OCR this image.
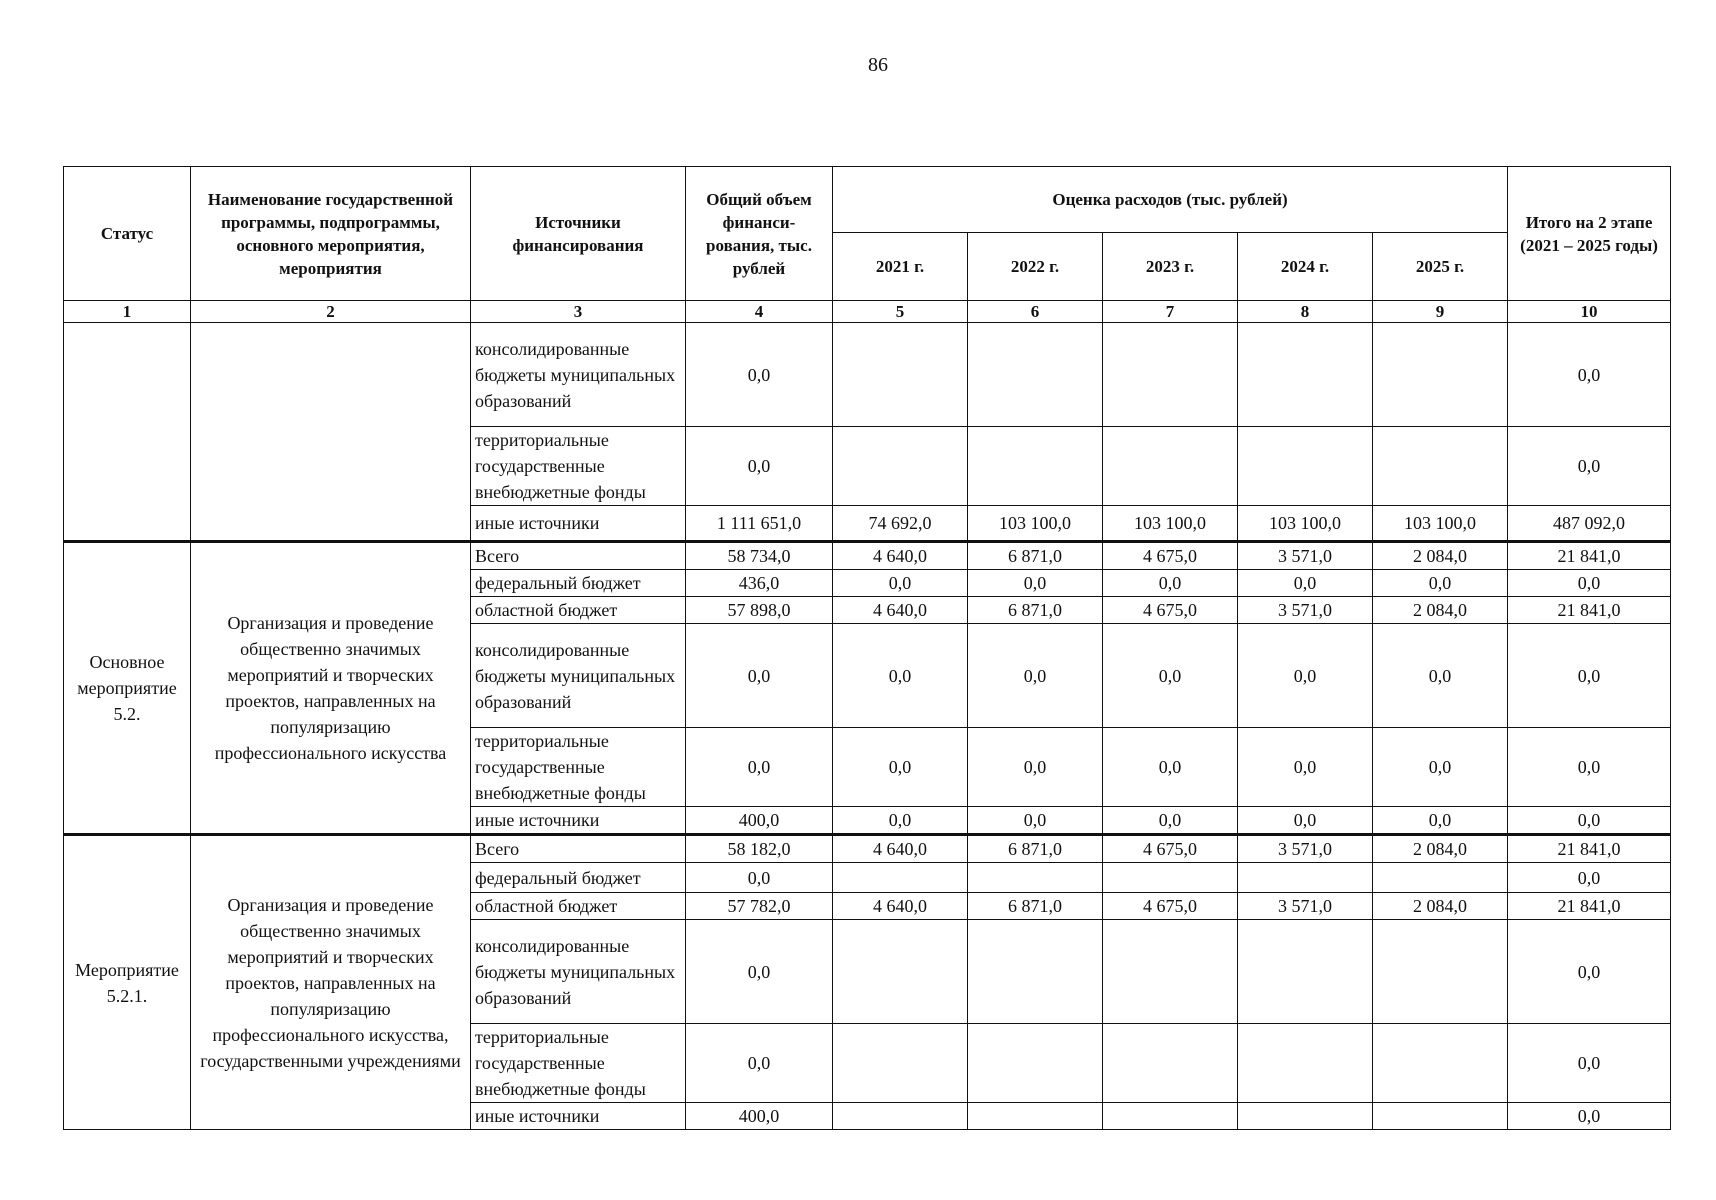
86
Статус	Наименование государственной программы, подпрограммы, основного мероприятия, мероприятия	Источники финансирования	Общий объем финанси-рования, тыс. рублей	Оценка расходов (тыс. рублей)					Итого на 2 этапе (2021 – 2025 годы)
				2021 г.	2022 г.	2023 г.	2024 г.	2025 г.	
1	2	3	4	5	6	7	8	9	10
		консолидированные бюджеты муниципальных образований	0,0						0,0
		территориальные государственные внебюджетные фонды	0,0						0,0
		иные источники	1 111 651,0	74 692,0	103 100,0	103 100,0	103 100,0	103 100,0	487 092,0
Основное мероприятие 5.2.	Организация и проведение общественно значимых мероприятий и творческих проектов, направленных на популяризацию профессионального искусства	Всего	58 734,0	4 640,0	6 871,0	4 675,0	3 571,0	2 084,0	21 841,0
		федеральный бюджет	436,0	0,0	0,0	0,0	0,0	0,0	0,0
		областной бюджет	57 898,0	4 640,0	6 871,0	4 675,0	3 571,0	2 084,0	21 841,0
		консолидированные бюджеты муниципальных образований	0,0	0,0	0,0	0,0	0,0	0,0	0,0
		территориальные государственные внебюджетные фонды	0,0	0,0	0,0	0,0	0,0	0,0	0,0
		иные источники	400,0	0,0	0,0	0,0	0,0	0,0	0,0
Мероприятие 5.2.1.	Организация и проведение общественно значимых мероприятий и творческих проектов, направленных на популяризацию профессионального искусства, государственными учреждениями	Всего	58 182,0	4 640,0	6 871,0	4 675,0	3 571,0	2 084,0	21 841,0
		федеральный бюджет	0,0						0,0
		областной бюджет	57 782,0	4 640,0	6 871,0	4 675,0	3 571,0	2 084,0	21 841,0
		консолидированные бюджеты муниципальных образований	0,0						0,0
		территориальные государственные внебюджетные фонды	0,0						0,0
		иные источники	400,0						0,0
